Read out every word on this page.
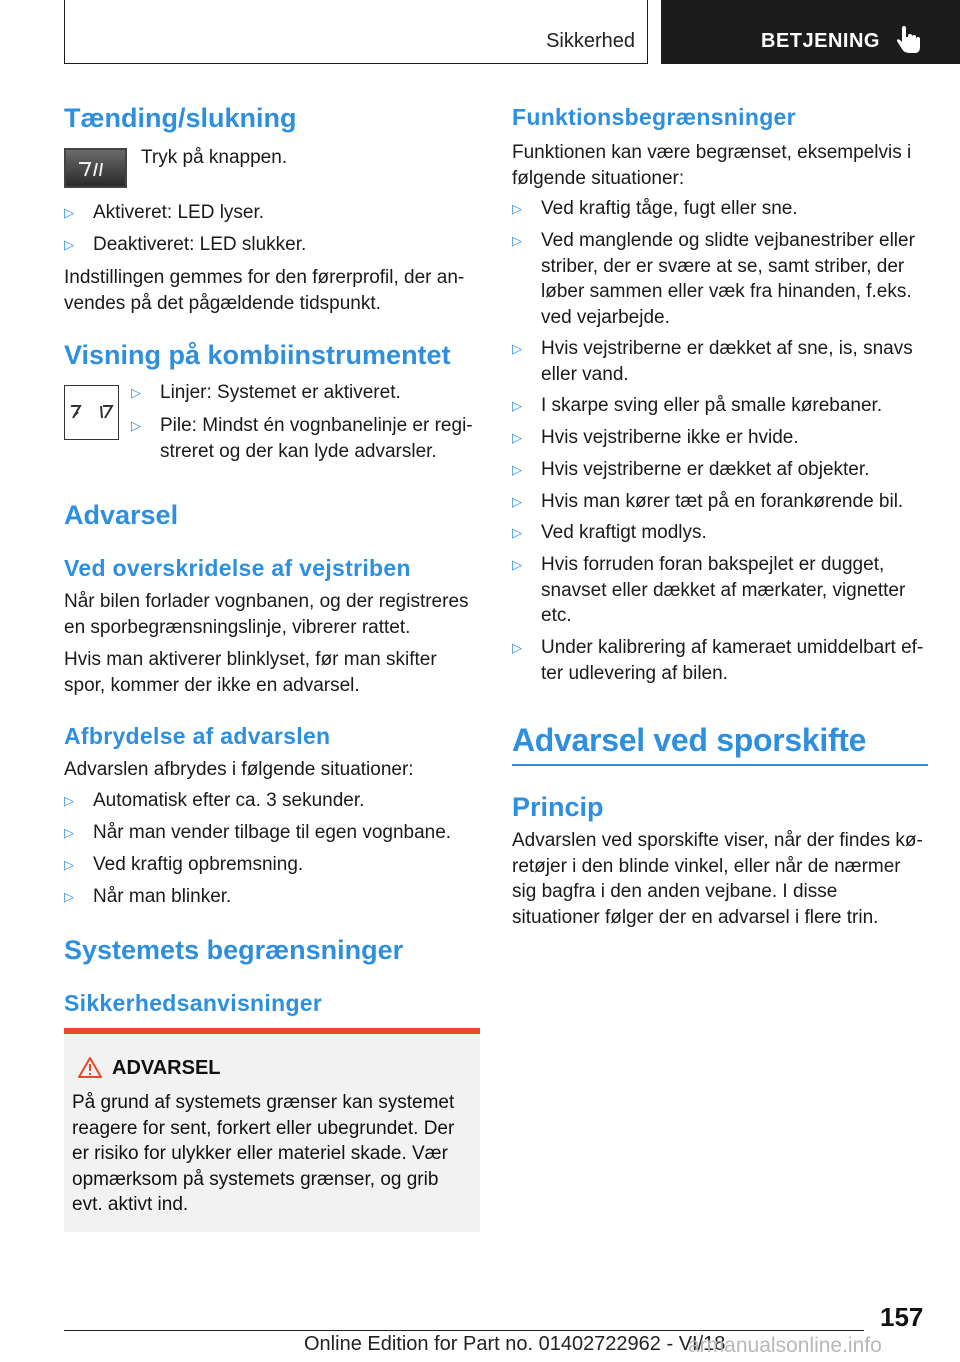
Sikkerhed	BETJENING
Tænding/slukning

Tryk på knappen.

▷ Aktiveret: LED lyser.
▷ Deaktiveret: LED slukker.

Indstillingen gemmes for den førerprofil, der an-vendes på det pågældende tidspunkt.

Visning på kombiinstrumentet
▷ Linjer: Systemet er aktiveret.
▷ Pile: Mindst én vognbanelinje er regi-streret og der kan lyde advarsler.
Advarsel
Ved overskridelse af vejstriben

Når bilen forlader vognbanen, og der registreres en sporbegrænsningslinje, vibrerer rattet.

Hvis man aktiverer blinklyset, før man skifter spor, kommer der ikke en advarsel.

Afbrydelse af advarslen

Advarslen afbrydes i følgende situationer:

▷ Automatisk efter ca. 3 sekunder.
▷ Når man vender tilbage til egen vognbane.
▷ Ved kraftig opbremsning.
▷ Når man blinker.
Systemets begrænsninger
Sikkerhedsanvisninger
ADVARSEL
På grund af systemets grænser kan systemet reagere for sent, forkert eller ubegrundet. Der er risiko for ulykker eller materiel skade. Vær opmærksom på systemets grænser, og grib evt. aktivt ind.
Funktionsbegrænsninger

Funktionen kan være begrænset, eksempelvis i følgende situationer:

▷ Ved kraftig tåge, fugt eller sne.
▷ Ved manglende og slidte vejbanestriber eller striber, der er svære at se, samt striber, der løber sammen eller væk fra hinanden, f.eks. ved vejarbejde.
▷ Hvis vejstriberne er dækket af sne, is, snavs eller vand.
▷ I skarpe sving eller på smalle kørebaner.
▷ Hvis vejstriberne ikke er hvide.
▷ Hvis vejstriberne er dækket af objekter.
▷ Hvis man kører tæt på en forankørende bil.
▷ Ved kraftigt modlys.
▷ Hvis forruden foran bakspejlet er dugget, snavset eller dækket af mærkater, vignetter etc.
▷ Under kalibrering af kameraet umiddelbart ef-ter udlevering af bilen.
Advarsel ved sporskifte
Princip

Advarslen ved sporskifte viser, når der findes kø-retøjer i den blinde vinkel, eller når de nærmer sig bagfra i den anden vejbane. I disse situationer følger der en advarsel i flere trin.

157
Online Edition for Part no. 01402722962 - VI/18
armanualsonline.info
